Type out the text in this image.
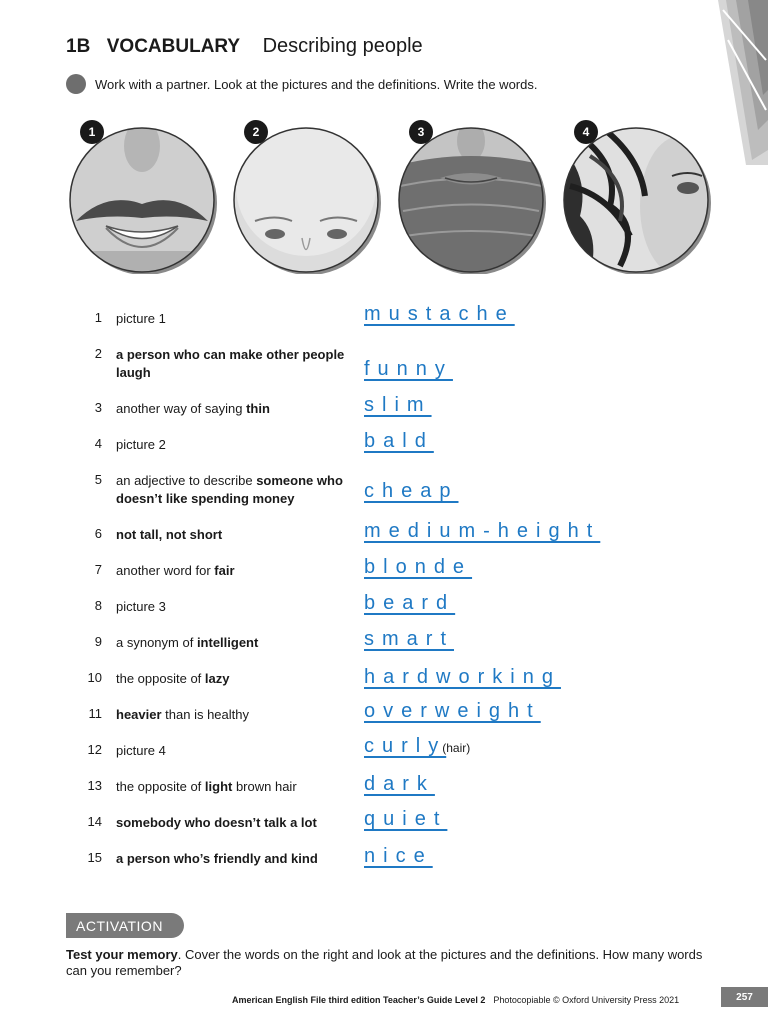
1B VOCABULARY Describing people
Work with a partner. Look at the pictures and the definitions. Write the words.
1	2	3	4
1 picture 1	mustache
2 a person who can make other people laugh	funny
3 another way of saying thin	slim
4 picture 2	bald
5 an adjective to describe someone who doesn’t like spending money	cheap
6 not tall, not short	medium-height
7 another word for fair	blonde
8 picture 3	beard
9 a synonym of intelligent	smart
10 the opposite of lazy	hardworking
11 heavier than is healthy	overweight
12 picture 4	curly(hair)
13 the opposite of light brown hair	dark
14 somebody who doesn’t talk a lot	quiet
15 a person who’s friendly and kind	nice
ACTIVATION
Test your memory. Cover the words on the right and look at the pictures and the definitions. How many words can you remember?
American English File third edition Teacher’s Guide Level 2 Photocopiable © Oxford University Press 2021	257
